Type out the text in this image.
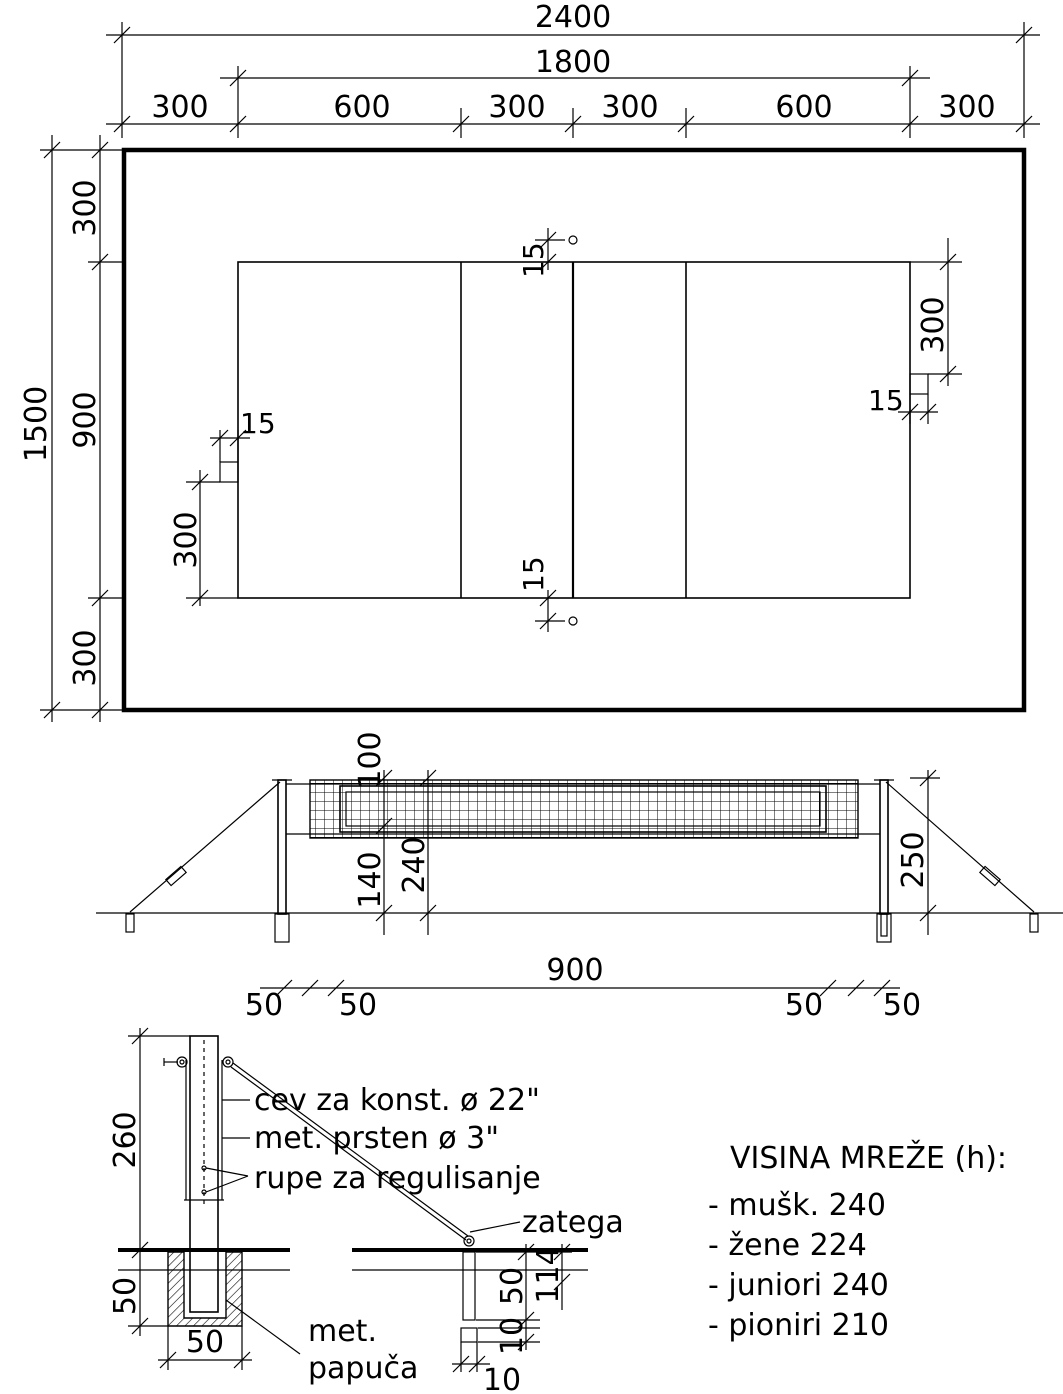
2400
1800
300	600	300 300	600	300
1500
300
900
300
15
15
15
300
300
15
100
140 240	250
900
50 50	50 50
cev za konst. ø 22"
met. prsten ø 3"
rupe za regulisanje
zatega
met.
papuča
260
50
50
50 114
10
10
VISINA MREŽE (h):
- mušk. 240
- žene 224
- juniori 240
- pioniri 210
